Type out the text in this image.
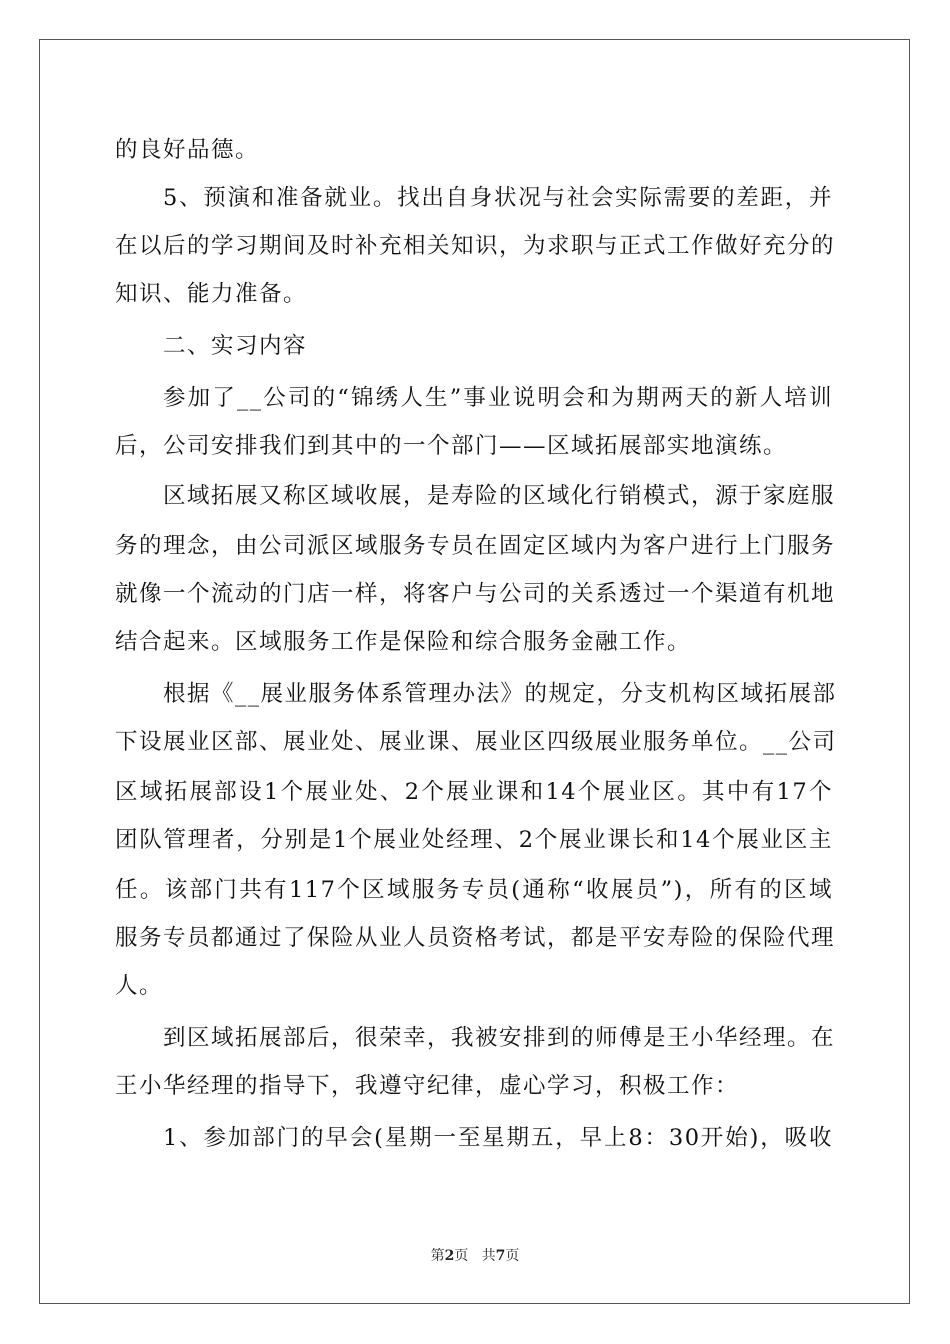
的良好品德。
5、预演和准备就业。找出自身状况与社会实际需要的差距，并
在以后的学习期间及时补充相关知识，为求职与正式工作做好充分的
知识、能力准备。
二、实习内容
参加了__公司的“锦绣人生”事业说明会和为期两天的新人培训
后，公司安排我们到其中的一个部门——区域拓展部实地演练。
区域拓展又称区域收展，是寿险的区域化行销模式，源于家庭服
务的理念，由公司派区域服务专员在固定区域内为客户进行上门服务
就像一个流动的门店一样，将客户与公司的关系透过一个渠道有机地
结合起来。区域服务工作是保险和综合服务金融工作。
根据《__展业服务体系管理办法》的规定，分支机构区域拓展部
下设展业区部、展业处、展业课、展业区四级展业服务单位。__公司
区域拓展部设1个展业处、2个展业课和14个展业区。其中有17个
团队管理者，分别是1个展业处经理、2个展业课长和14个展业区主
任。该部门共有117个区域服务专员(通称“收展员”)，所有的区域
服务专员都通过了保险从业人员资格考试，都是平安寿险的保险代理
人。
到区域拓展部后，很荣幸，我被安排到的师傅是王小华经理。在
王小华经理的指导下，我遵守纪律，虚心学习，积极工作：
1、参加部门的早会(星期一至星期五，早上8：30开始)，吸收
第2页 共7页
